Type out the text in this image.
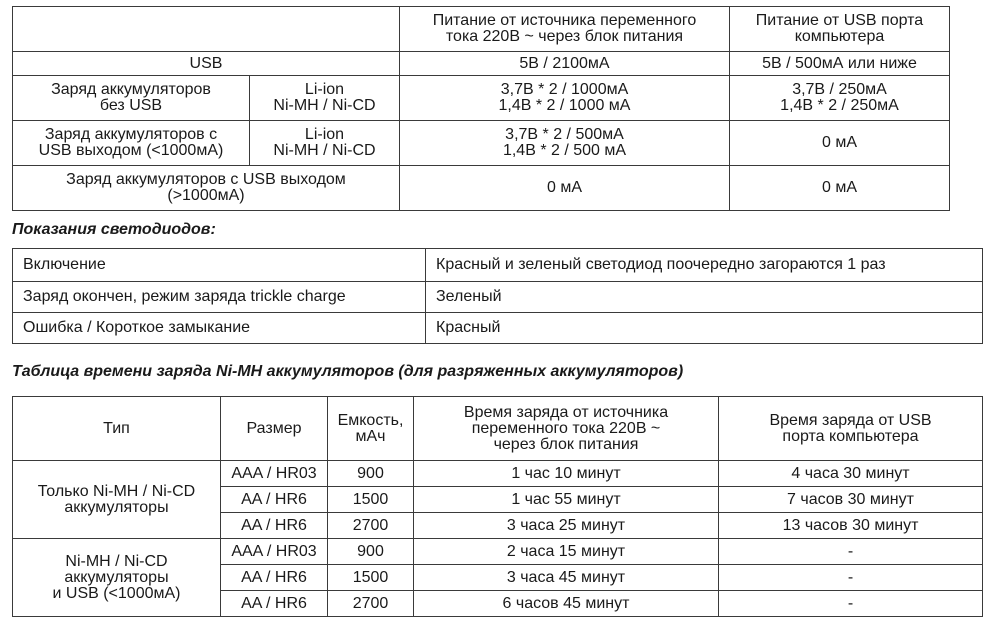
		Питание от источника переменного
тока 220В ~ через блок питания	Питание от USB порта
компьютера
USB		5В / 2100мА	5В / 500мА или ниже
Заряд аккумуляторов
без USB	Li-ion
Ni-MH / Ni-CD	3,7В * 2 / 1000мА
1,4В * 2 / 1000 мА	3,7В / 250мА
1,4В * 2 / 250мА
Заряд аккумуляторов с
USB выходом (<1000мА)	Li-ion
Ni-MH / Ni-CD	3,7В * 2 / 500мА
1,4В * 2 / 500 мА	0 мА
Заряд аккумуляторов с USB выходом
(>1000мА)		0 мА	0 мА
Показания светодиодов:
Включение	Красный и зеленый светодиод поочередно загораются 1 раз
Заряд окончен, режим заряда trickle charge	Зеленый
Ошибка / Короткое замыкание	Красный
Таблица времени заряда Ni-MH аккумуляторов (для разряженных аккумуляторов)
Тип	Размер	Емкость,
мАч	Время заряда от источника
переменного тока 220В ~
через блок питания	Время заряда от USB
порта компьютера
Только Ni-MH / Ni-CD
аккумуляторы	AAA / HR03	900	1 час 10 минут	4 часа 30 минут
	AA / HR6	1500	1 час 55 минут	7 часов 30 минут
	AA / HR6	2700	3 часа 25 минут	13 часов 30 минут
Ni-MH / Ni-CD
аккумуляторы
и USB (<1000мА)	AAA / HR03	900	2 часа 15 минут	-
	AA / HR6	1500	3 часа 45 минут	-
	AA / HR6	2700	6 часов 45 минут	-
